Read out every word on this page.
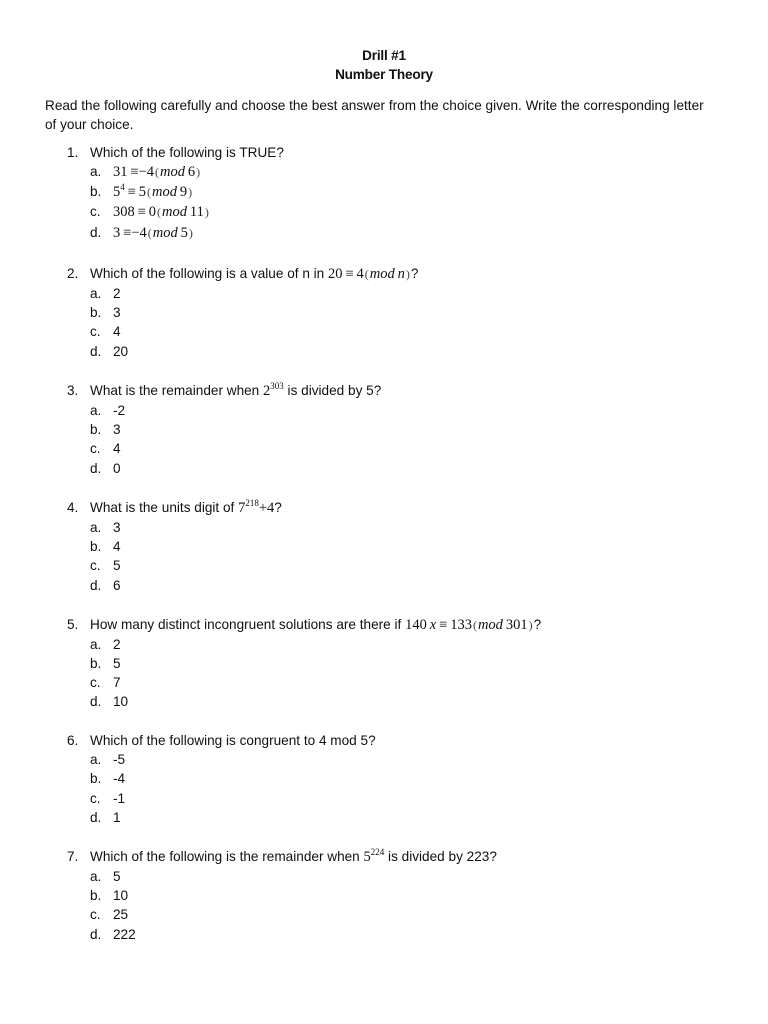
Drill #1
Number Theory
Read the following carefully and choose the best answer from the choice given. Write the corresponding letter of your choice.
1. Which of the following is TRUE?
a. 31  ≡−4(mod  6)
b. $5^4 \equiv 5(mod$  9)
c. 308  ≡  0(mod  11)
d. 3  ≡−4(mod  5)
2. Which of the following is a value of n in 20  ≡  4(mod  n)?
a. 2
b. 3
c. 4
d. 20
3. What is the remainder when $2^{303}$ is divided by 5?
a. -2
b. 3
c. 4
d. 0
4. What is the units digit of $7^{218}+4$?
a. 3
b. 4
c. 5
d. 6
5. How many distinct incongruent solutions are there if 140  x  ≡  133(mod  301)?
a. 2
b. 5
c. 7
d. 10
6. Which of the following is congruent to 4 mod 5?
a. -5
b. -4
c. -1
d. 1
7. Which of the following is the remainder when $5^{224}$ is divided by 223?
a. 5
b. 10
c. 25
d. 222
